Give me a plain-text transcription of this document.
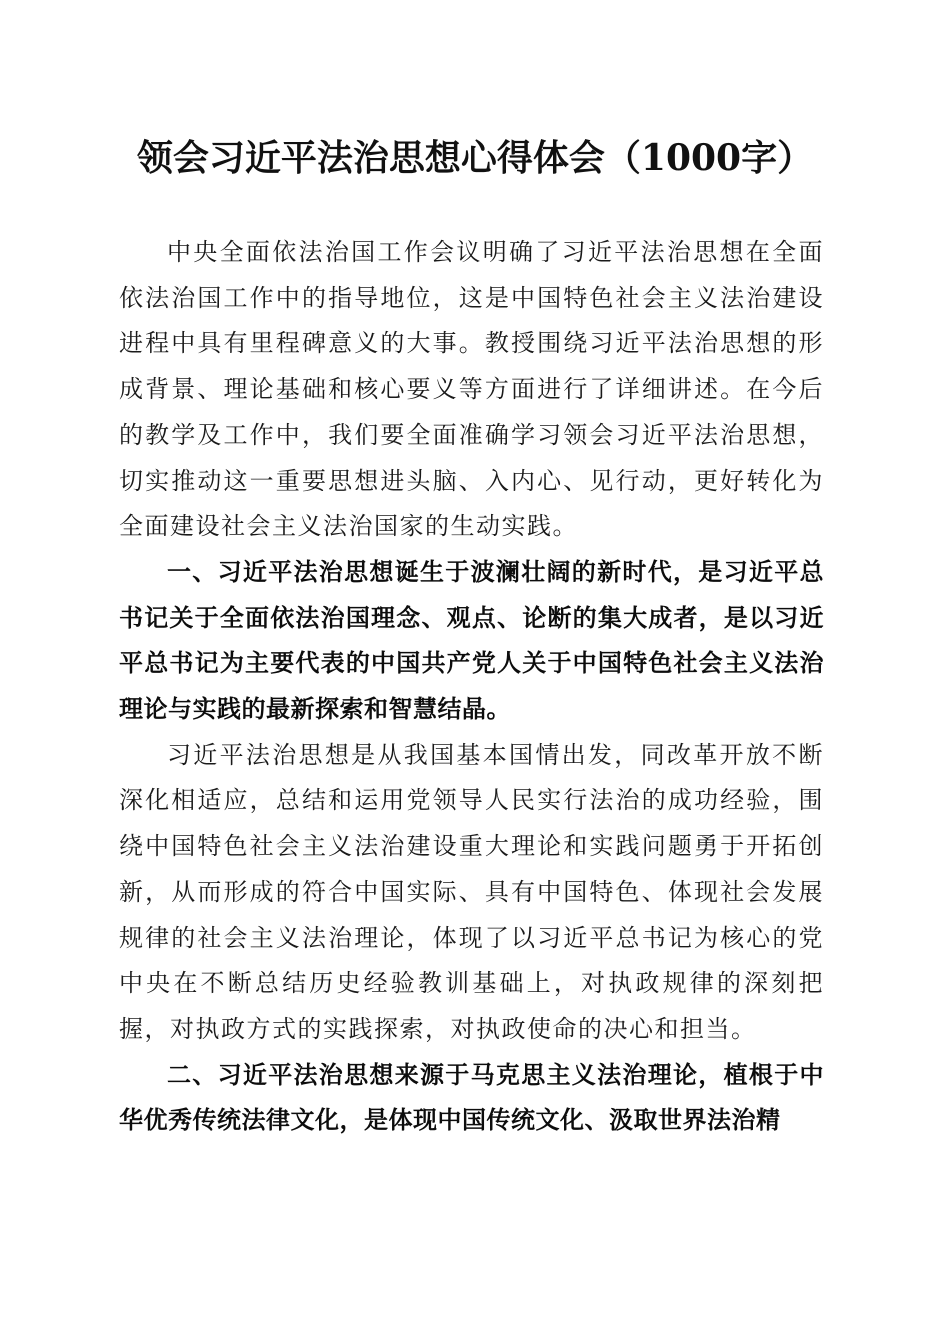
领会习近平法治思想心得体会（1000字）

中央全面依法治国工作会议明确了习近平法治思想在全面依法治国工作中的指导地位，这是中国特色社会主义法治建设进程中具有里程碑意义的大事。教授围绕习近平法治思想的形成背景、理论基础和核心要义等方面进行了详细讲述。在今后的教学及工作中，我们要全面准确学习领会习近平法治思想，切实推动这一重要思想进头脑、入内心、见行动，更好转化为全面建设社会主义法治国家的生动实践。

一、习近平法治思想诞生于波澜壮阔的新时代，是习近平总书记关于全面依法治国理念、观点、论断的集大成者，是以习近平总书记为主要代表的中国共产党人关于中国特色社会主义法治理论与实践的最新探索和智慧结晶。

习近平法治思想是从我国基本国情出发，同改革开放不断深化相适应，总结和运用党领导人民实行法治的成功经验，围绕中国特色社会主义法治建设重大理论和实践问题勇于开拓创新，从而形成的符合中国实际、具有中国特色、体现社会发展规律的社会主义法治理论，体现了以习近平总书记为核心的党中央在不断总结历史经验教训基础上，对执政规律的深刻把握，对执政方式的实践探索，对执政使命的决心和担当。

二、习近平法治思想来源于马克思主义法治理论，植根于中华优秀传统法律文化，是体现中国传统文化、汲取世界法治精
